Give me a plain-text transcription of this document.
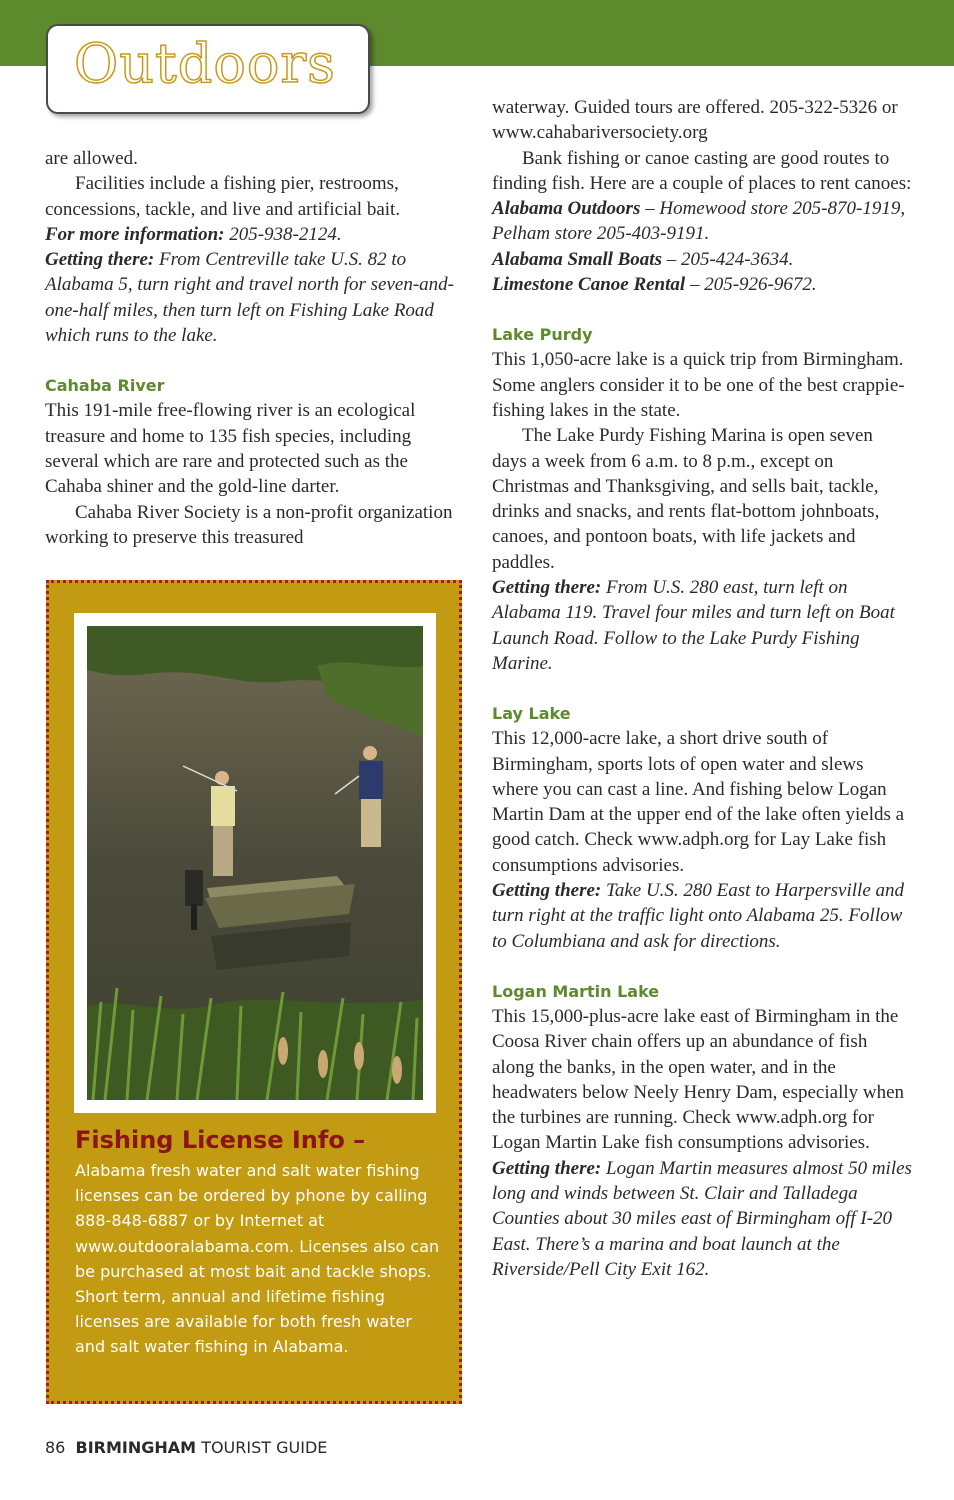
Outdoors

are allowed.

Facilities include a fishing pier, restrooms, concessions, tackle, and live and artificial bait.

For more information: 205-938-2124.

Getting there: From Centreville take U.S. 82 to Alabama 5, turn right and travel north for seven-and-one-half miles, then turn left on Fishing Lake Road which runs to the lake.

Cahaba River

This 191-mile free-flowing river is an ecological treasure and home to 135 fish species, including several which are rare and protected such as the Cahaba shiner and the gold-line darter.

Cahaba River Society is a non-profit organization working to preserve this treasured

Fishing License Info –
Alabama fresh water and salt water fishing licenses can be ordered by phone by calling 888-848-6887 or by Internet at www.outdooralabama.com. Licenses also can be purchased at most bait and tackle shops. Short term, annual and lifetime fishing licenses are available for both fresh water and salt water fishing in Alabama.

waterway. Guided tours are offered. 205-322-5326 or www.cahabariversociety.org

Bank fishing or canoe casting are good routes to finding fish. Here are a couple of places to rent canoes:

Alabama Outdoors – Homewood store 205-870-1919, Pelham store 205-403-9191.

Alabama Small Boats – 205-424-3634.

Limestone Canoe Rental – 205-926-9672.

Lake Purdy

This 1,050-acre lake is a quick trip from Birmingham. Some anglers consider it to be one of the best crappie-fishing lakes in the state.

The Lake Purdy Fishing Marina is open seven days a week from 6 a.m. to 8 p.m., except on Christmas and Thanksgiving, and sells bait, tackle, drinks and snacks, and rents flat-bottom johnboats, canoes, and pontoon boats, with life jackets and paddles.

Getting there: From U.S. 280 east, turn left on Alabama 119. Travel four miles and turn left on Boat Launch Road. Follow to the Lake Purdy Fishing Marine.

Lay Lake

This 12,000-acre lake, a short drive south of Birmingham, sports lots of open water and slews where you can cast a line. And fishing below Logan Martin Dam at the upper end of the lake often yields a good catch. Check www.adph.org for Lay Lake fish consumptions advisories.

Getting there: Take U.S. 280 East to Harpersville and turn right at the traffic light onto Alabama 25. Follow to Columbiana and ask for directions.

Logan Martin Lake

This 15,000-plus-acre lake east of Birmingham in the Coosa River chain offers up an abundance of fish along the banks, in the open water, and in the headwaters below Neely Henry Dam, especially when the turbines are running. Check www.adph.org for Logan Martin Lake fish consumptions advisories.

Getting there: Logan Martin measures almost 50 miles long and winds between St. Clair and Talladega Counties about 30 miles east of Birmingham off I-20 East. There’s a marina and boat launch at the Riverside/Pell City Exit 162.

86 BIRMINGHAM TOURIST GUIDE
